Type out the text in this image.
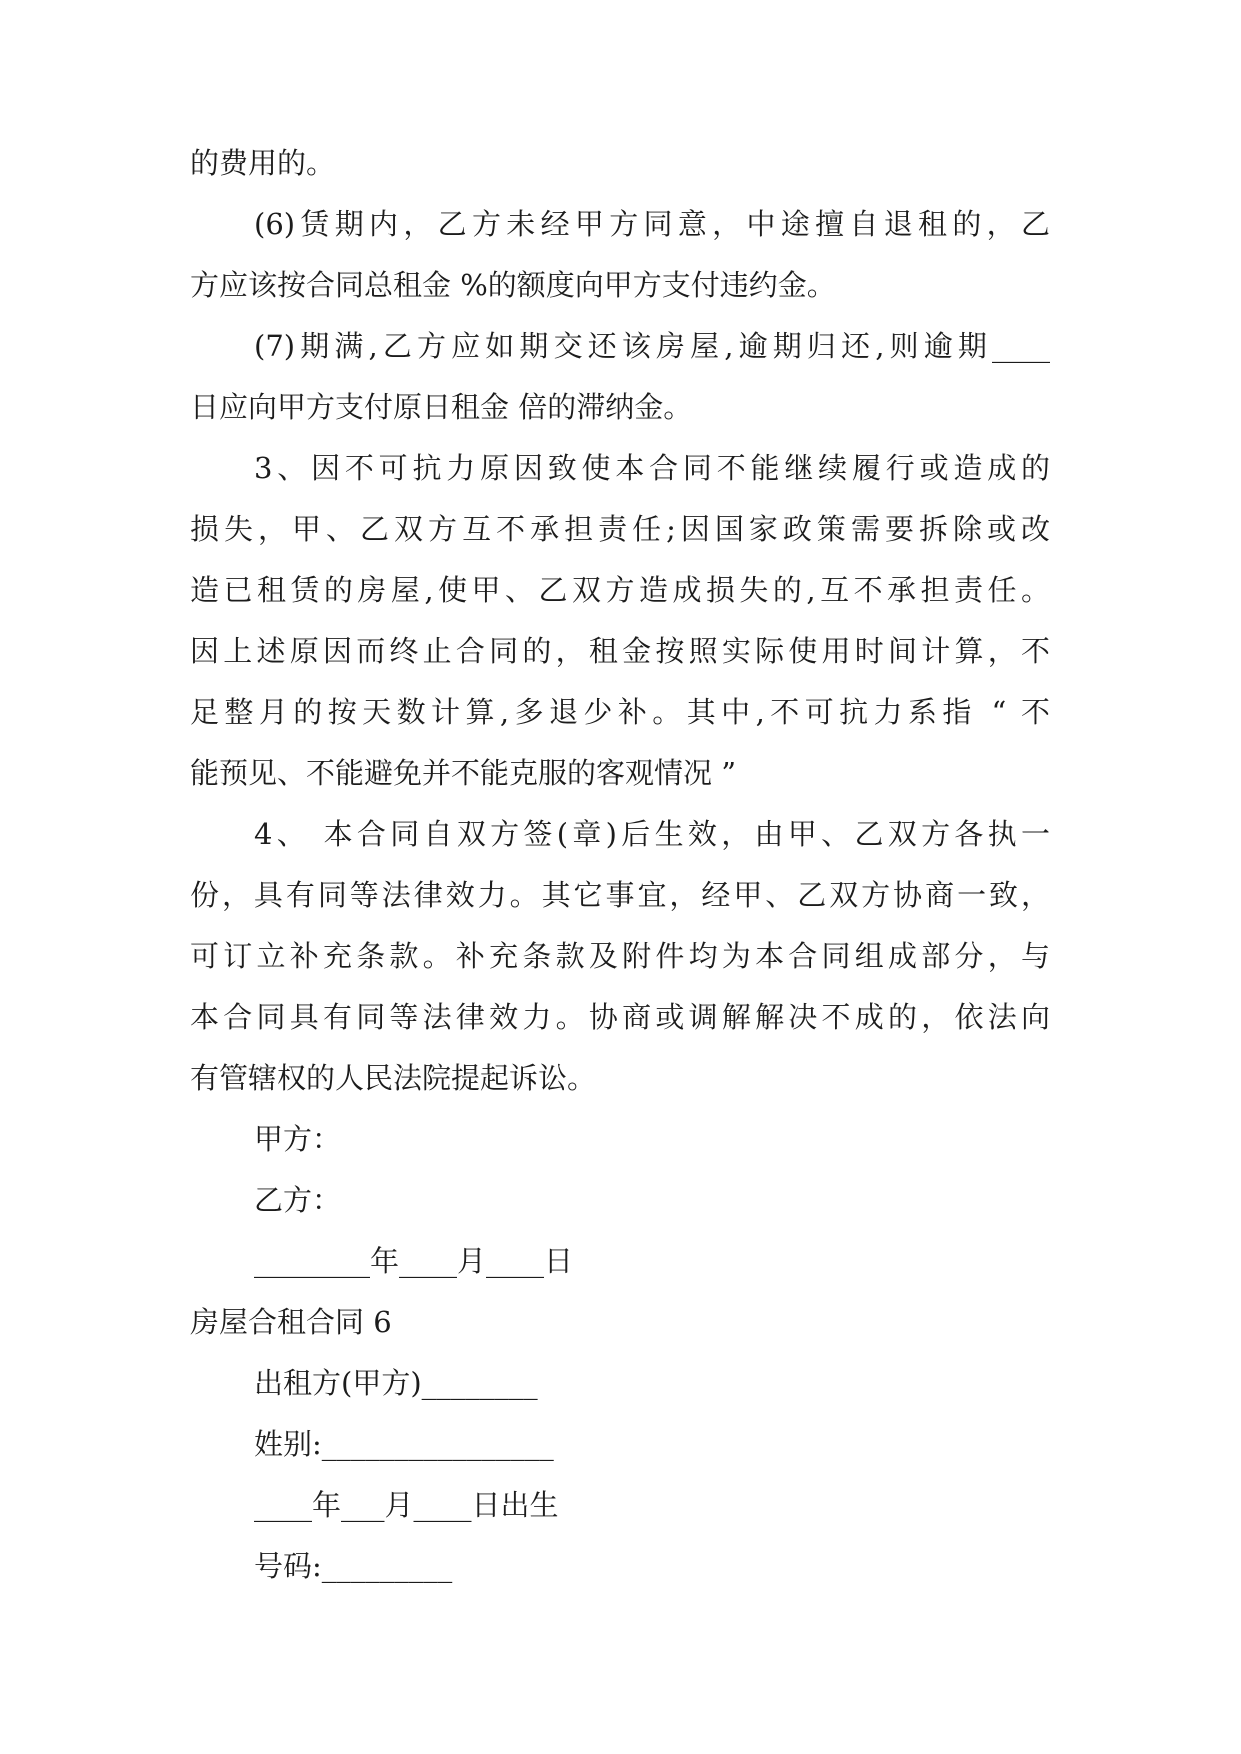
的费用的。
(6)赁期内，乙方未经甲方同意，中途擅自退租的，乙
方应该按合同总租金 %的额度向甲方支付违约金。
(7)期满,乙方应如期交还该房屋,逾期归还,则逾期____
日应向甲方支付原日租金 倍的滞纳金。
3、因不可抗力原因致使本合同不能继续履行或造成的
损失，甲、乙双方互不承担责任;因国家政策需要拆除或改
造已租赁的房屋,使甲、乙双方造成损失的,互不承担责任。
因上述原因而终止合同的，租金按照实际使用时间计算，不
足整月的按天数计算,多退少补。其中,不可抗力系指 “ 不
能预见、不能避免并不能克服的客观情况 ”
4、 本合同自双方签(章)后生效，由甲、乙双方各执一
份，具有同等法律效力。其它事宜，经甲、乙双方协商一致，
可订立补充条款。补充条款及附件均为本合同组成部分，与
本合同具有同等法律效力。协商或调解解决不成的，依法向
有管辖权的人民法院提起诉讼。
甲方：
乙方：
________年____月____日
房屋合租合同 6
出租方(甲方)________
姓别:________________
____年___月____日出生
号码:_________
